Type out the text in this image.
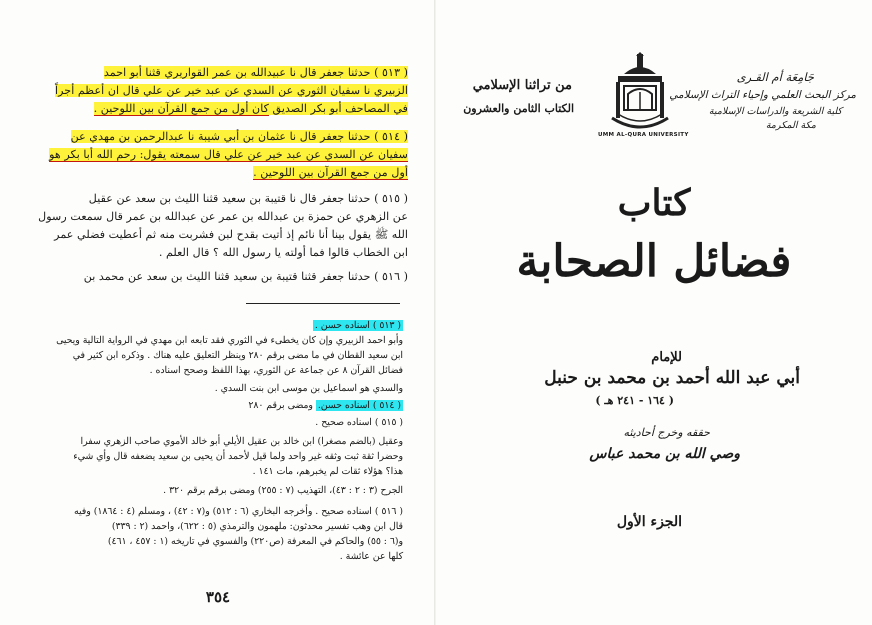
( ٥١٣ ) حدثنا جعفر قال نا عبيدالله بن عمر القواريري قثنا أبو احمد
الزبيري نا سفيان الثوري عن السدي عن عبد خير عن علي قال ان أعظم أجراً
في المصاحف أبو بكر الصديق كان أول من جمع القرآن بين اللوحين .
( ٥١٤ ) حدثنا جعفر قال نا عثمان بن أبي شيبة نا عبدالرحمن بن مهدي عن
سفيان عن السدي عن عبد خير عن علي قال سمعته يقول: رحم الله أبا بكر هو
أول من جمع القرآن بين اللوحين .
( ٥١٥ ) حدثنا جعفر قال نا قتيبة بن سعيد قثنا الليث بن سعد عن عقيل
عن الزهري عن حمزة بن عبدالله بن عمر عن عبدالله بن عمر قال سمعت رسول
الله ﷺ يقول بينا أنا نائم إذ أتيت بقدح لبن فشربت منه ثم أعطيت فضلي عمر
ابن الخطاب قالوا فما أولته يا رسول الله ؟ قال العلم .
( ٥١٦ ) حدثنا جعفر قثنا قتيبة بن سعيد قثنا الليث بن سعد عن محمد بن
( ٥١٣ ) اسناده حسن .
وأبو احمد الزبيري وإن كان يخطىء في الثوري فقد تابعه ابن مهدي في الرواية التالية ويحيى
ابن سعيد القطان في ما مضى برقم ٢٨٠ وينظر التعليق عليه هناك . وذكره ابن كثير في
فضائل القرآن ٨ عن جماعة عن الثوري، بهذا اللفظ وصحح اسناده .
والسدي هو اسماعيل بن موسى ابن بنت السدي .
( ٥١٤ ) اسناده حسن. ومضى برقم ٢٨٠
( ٥١٥ ) اسناده صحيح .
وعقيل (بالضم مصغرا) ابن خالد بن عقيل الأيلي أبو خالد الأموي صاحب الزهري سفرا
وحضرا ثقة ثبت وثقه غير واحد ولما قيل لأحمد أن يحيى بن سعيد يضعفه قال وأي شيء
هذا؟ هؤلاء ثقات لم يخبرهم، مات ١٤١ .
الجرح (٣ : ٢ : ٤٣)، التهذيب (٧ : ٢٥٥) ومضى برقم برقم ٣٢٠ .
( ٥١٦ ) اسناده صحيح . وأخرجه البخاري (٦ : ٥١٢) و(٧ : ٤٢) ، ومسلم (٤ : ١٨٦٤) وفيه
قال ابن وهب تفسير محدثون: ملهمون والترمذي (٥ : ٦٢٢)، واحمد (٢ : ٣٣٩)
و(٦ : ٥٥) والحاكم في المعرفة (ص٢٢٠) والفسوي في تاريخه (١ : ٤٥٧ ، ٤٦١)
كلها عن عائشة .
٣٥٤
جَامِعَة أم القـرى
مركز البحث العلمي وإحياء التراث الإسلامي
كلية الشريعة والدراسات الإسلامية
مكة المكرمة
UMM AL-QURA UNIVERSITY
من تراثنا الإسلامي
الكتاب الثامن والعشرون
كتاب
فضائل الصحابة
للإمام
أبي عبد الله أحمد بن محمد بن حنبل
( ١٦٤ - ٢٤١ هـ )
حققه وخرج أحاديثه
وصي الله بن محمد عباس
الجزء الأول
